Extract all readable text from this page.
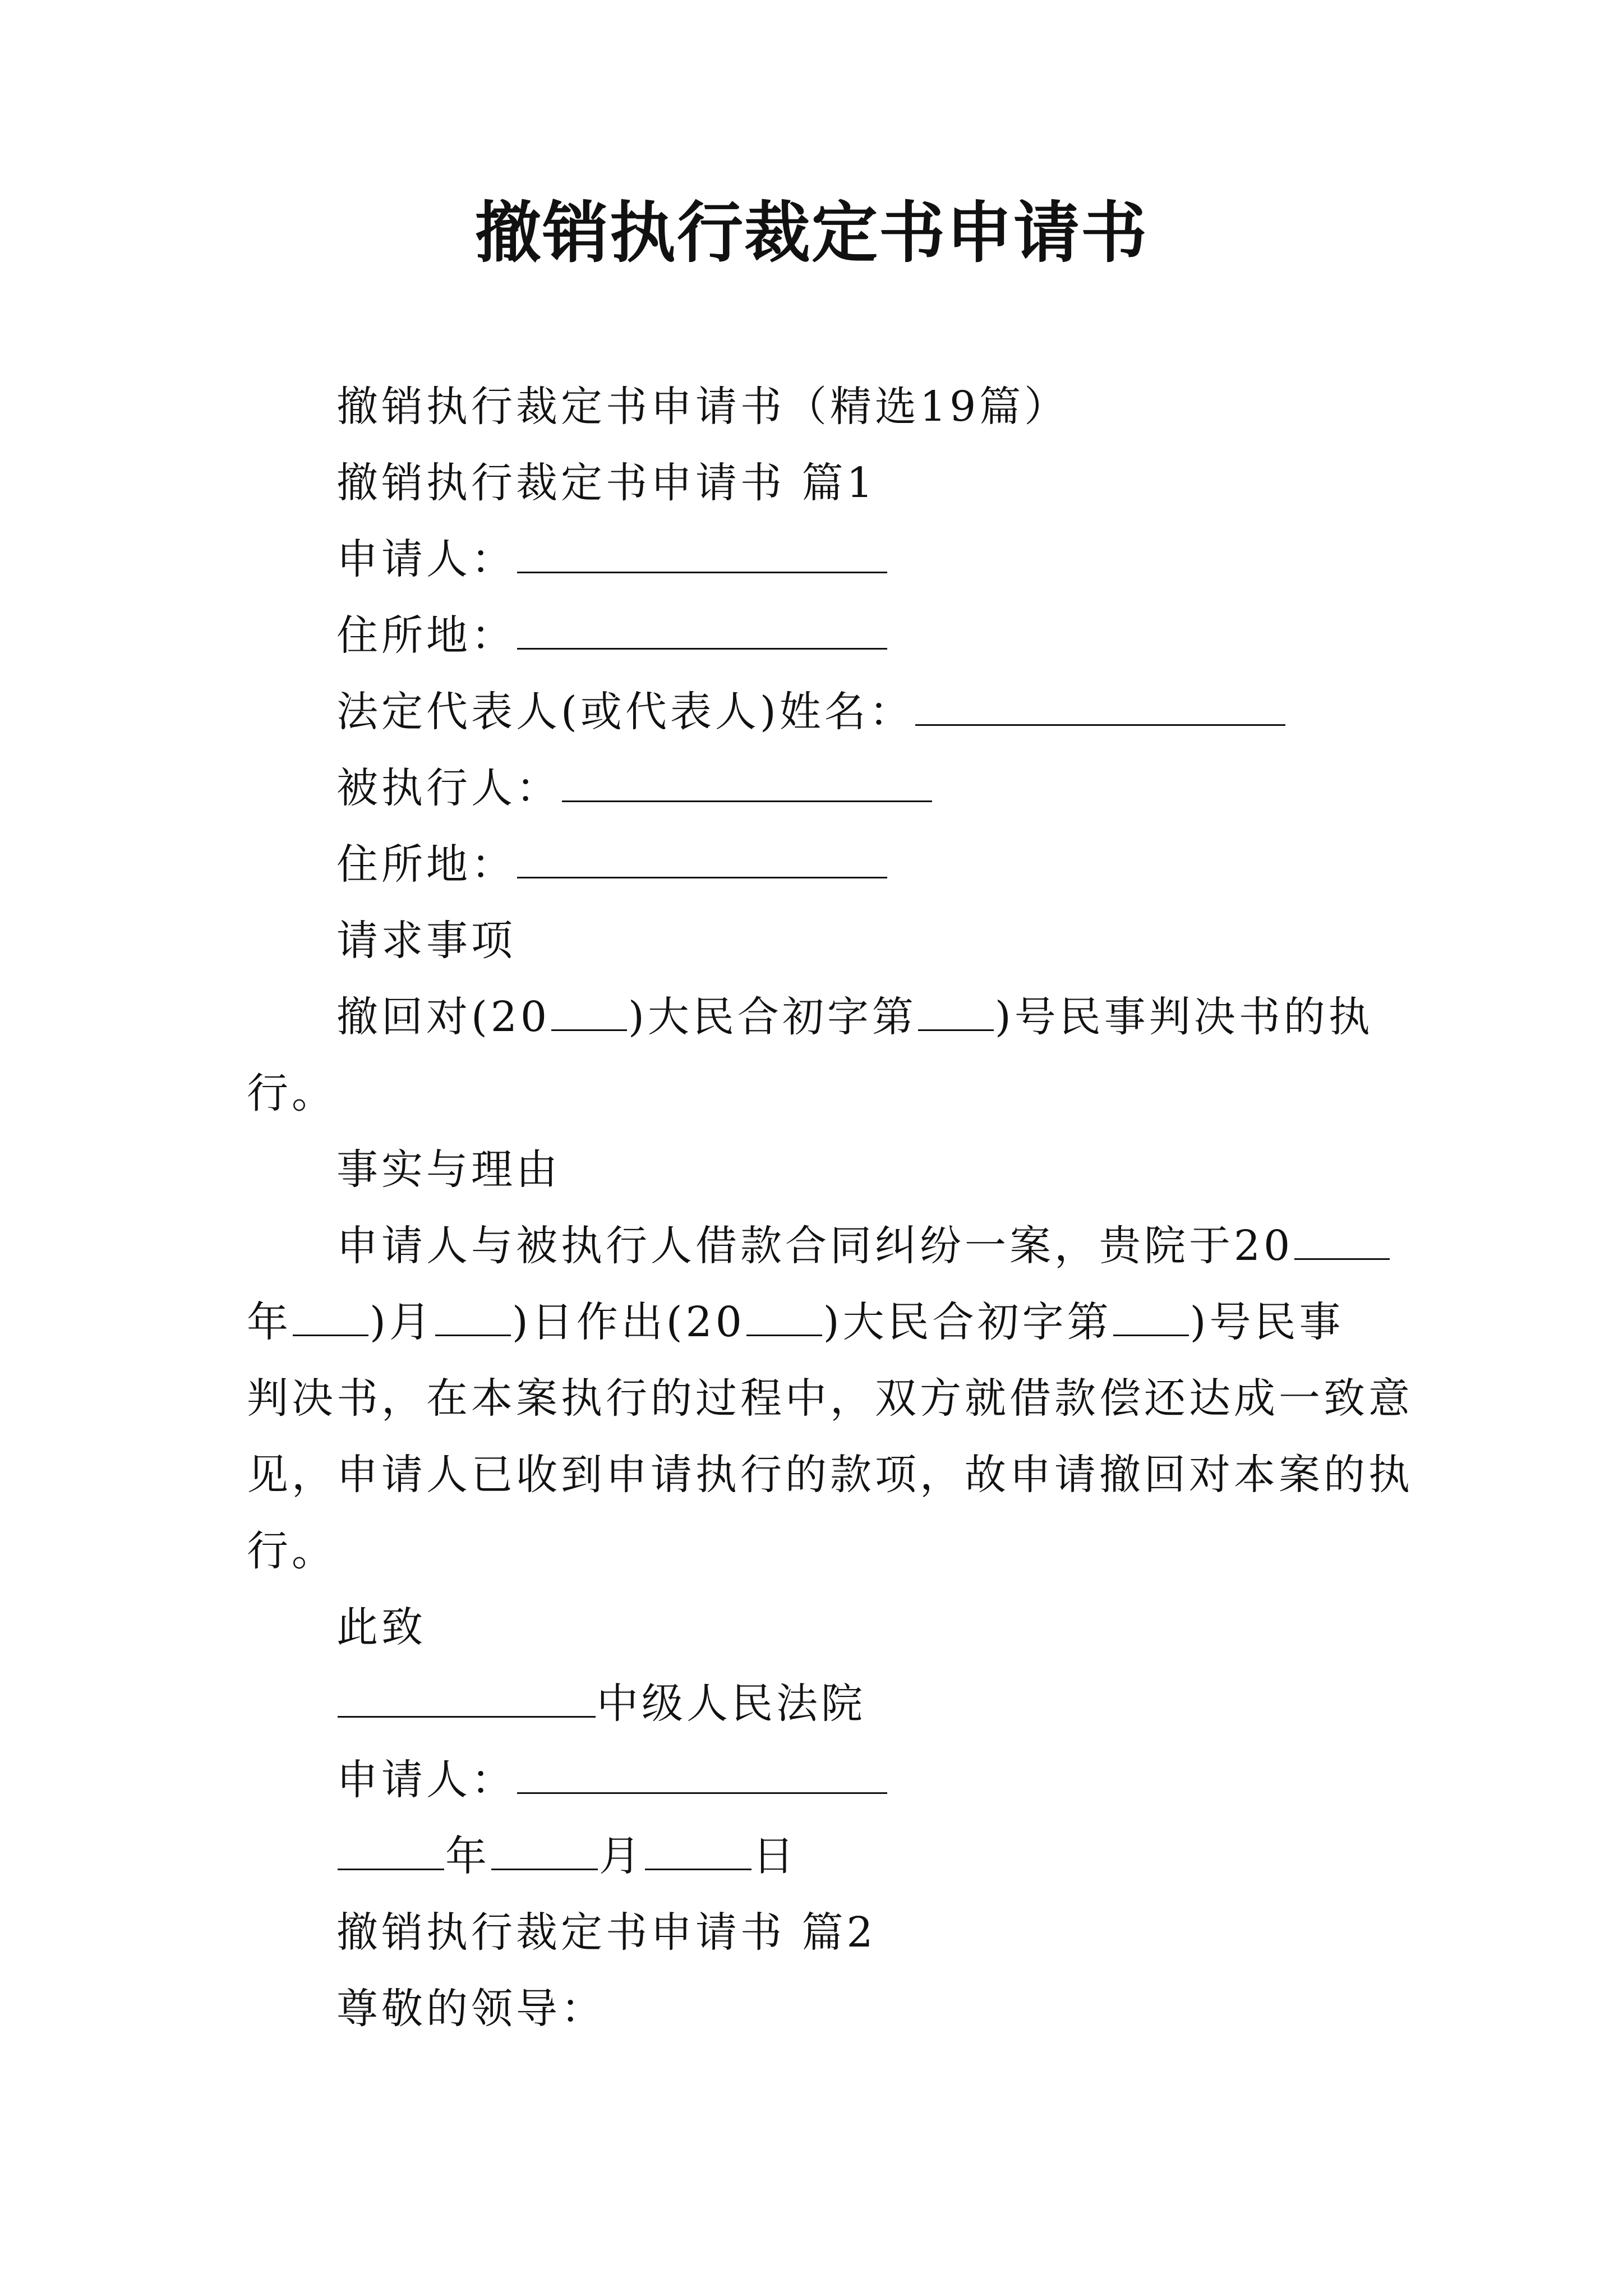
撤销执行裁定书申请书
撤销执行裁定书申请书（精选19篇）
撤销执行裁定书申请书 篇1
申请人：
住所地：
法定代表人(或代表人)姓名：
被执行人：
住所地：
请求事项
撤回对(20 )大民合初字第 )号民事判决书的执
行。
事实与理由
申请人与被执行人借款合同纠纷一案，贵院于20
年 )月 )日作出(20 )大民合初字第 )号民事
判决书，在本案执行的过程中，双方就借款偿还达成一致意
见，申请人已收到申请执行的款项，故申请撤回对本案的执
行。
此致
中级人民法院
申请人：
年	月	日
撤销执行裁定书申请书 篇2
尊敬的领导：
